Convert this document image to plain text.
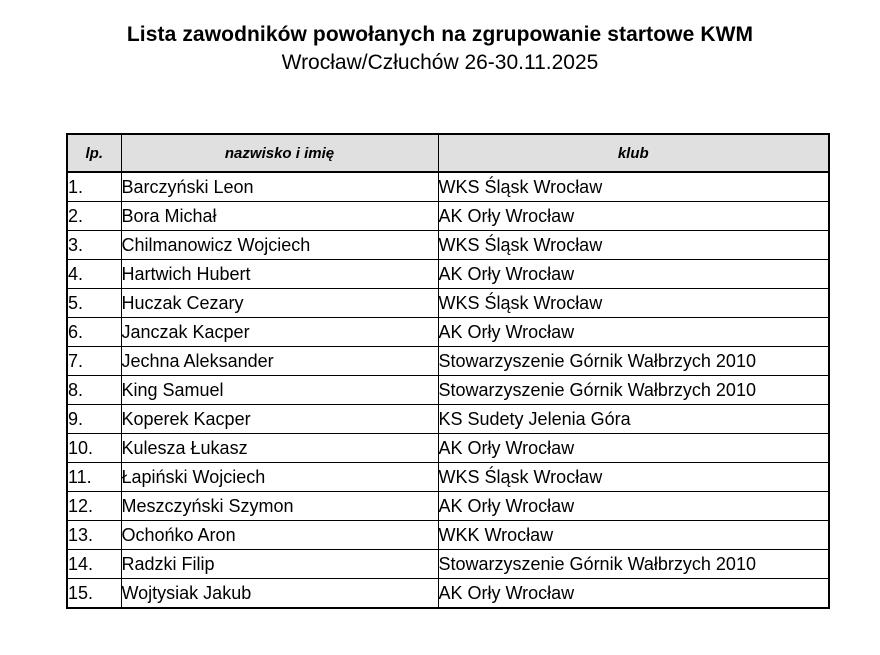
Lista zawodników powołanych na zgrupowanie startowe KWM
Wrocław/Człuchów 26-30.11.2025
lp.	nazwisko i imię	klub
1.	Barczyński Leon	WKS Śląsk Wrocław
2.	Bora Michał	AK Orły Wrocław
3.	Chilmanowicz Wojciech	WKS Śląsk Wrocław
4.	Hartwich Hubert	AK Orły Wrocław
5.	Huczak Cezary	WKS Śląsk Wrocław
6.	Janczak Kacper	AK Orły Wrocław
7.	Jechna Aleksander	Stowarzyszenie Górnik Wałbrzych 2010
8.	King Samuel	Stowarzyszenie Górnik Wałbrzych 2010
9.	Koperek Kacper	KS Sudety Jelenia Góra
10.	Kulesza Łukasz	AK Orły Wrocław
11.	Łapiński Wojciech	WKS Śląsk Wrocław
12.	Meszczyński Szymon	AK Orły Wrocław
13.	Ochońko Aron	WKK Wrocław
14.	Radzki Filip	Stowarzyszenie Górnik Wałbrzych 2010
15.	Wojtysiak Jakub	AK Orły Wrocław
